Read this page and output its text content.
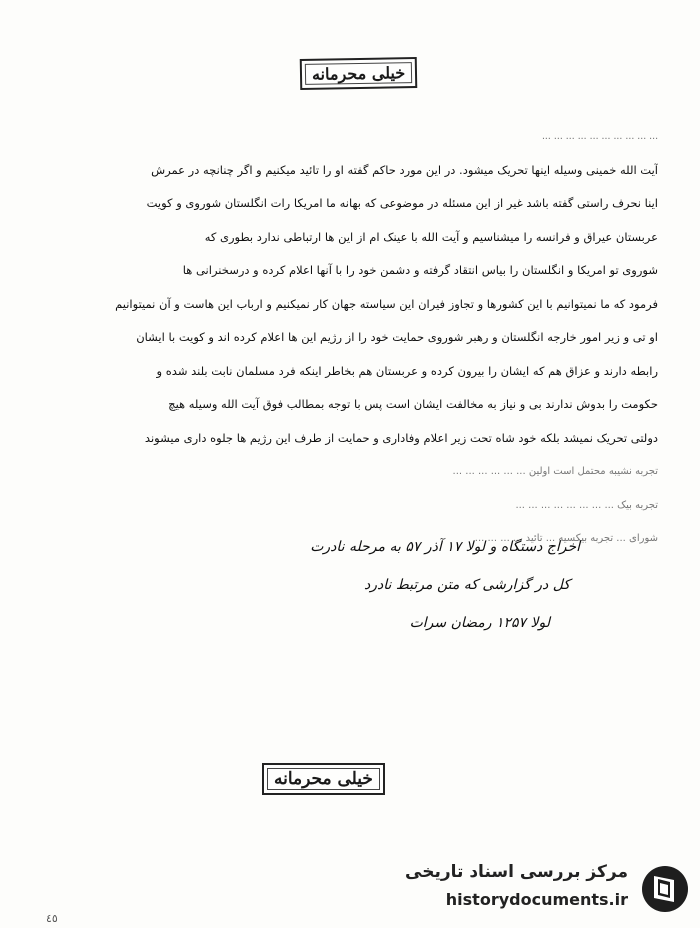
خیلی محرمانه
... ... ... ... ... ... ... ... ... ...
آیت الله خمینی وسیله اینها تحریک میشود. در این مورد حاکم گفته او را تائید میکنیم و اگر چنانچه در عمرش
اینا نحرف راستی گفته باشد غیر از این مسئله در موضوعی که بهانه ما امریکا رات انگلستان شوروی و کویت
عربستان عیراق و فرانسه را میشناسیم و آیت الله با عینک ام از این ها ارتباطی ندارد بطوری که
شوروی تو امریکا و انگلستان را بیاس انتقاد گرفته و دشمن خود را با آنها اعلام کرده و درسخنرانی ها
فرمود که ما نمیتوانیم با این کشورها و تجاوز فیران این سیاسته جهان کار نمیکنیم و ارباب این هاست و آن نمیتوانیم
او تی و زیر امور خارجه انگلستان و رهبر شوروی حمایت خود را از رژیم این ها اعلام کرده اند و کویت با ایشان
رابطه دارند و عزاق هم که ایشان را بیرون کرده و عربستان هم بخاطر اینکه فرد مسلمان نابت بلند شده و
حکومت را بدوش ندارند بی و نیاز به مخالفت ایشان است پس با توجه بمطالب فوق آیت الله وسیله هیچ
دولتی تحریک نمیشد بلکه خود شاه تحت زیر اعلام وفاداری و حمایت از طرف این رژیم ها جلوه داری میشوند
تجربه نشیبه محتمل است اولین ... ... ... ... ... ...
تجربه بیک ... ... ... ... ... ... ... ...
شورای ... تجربه بیکسیه ... تائید ... ... ... ...
اخراج دستگاه و لولا ۱۷ آذر ۵۷ به مرحله نادرت
کل در گزارشی که متن مرتبط نادرد
لولا ۱۲۵۷ رمضان سرات
خیلی محرمانه
مرکز بررسی اسناد تاریخی
historydocuments.ir
٤٥
